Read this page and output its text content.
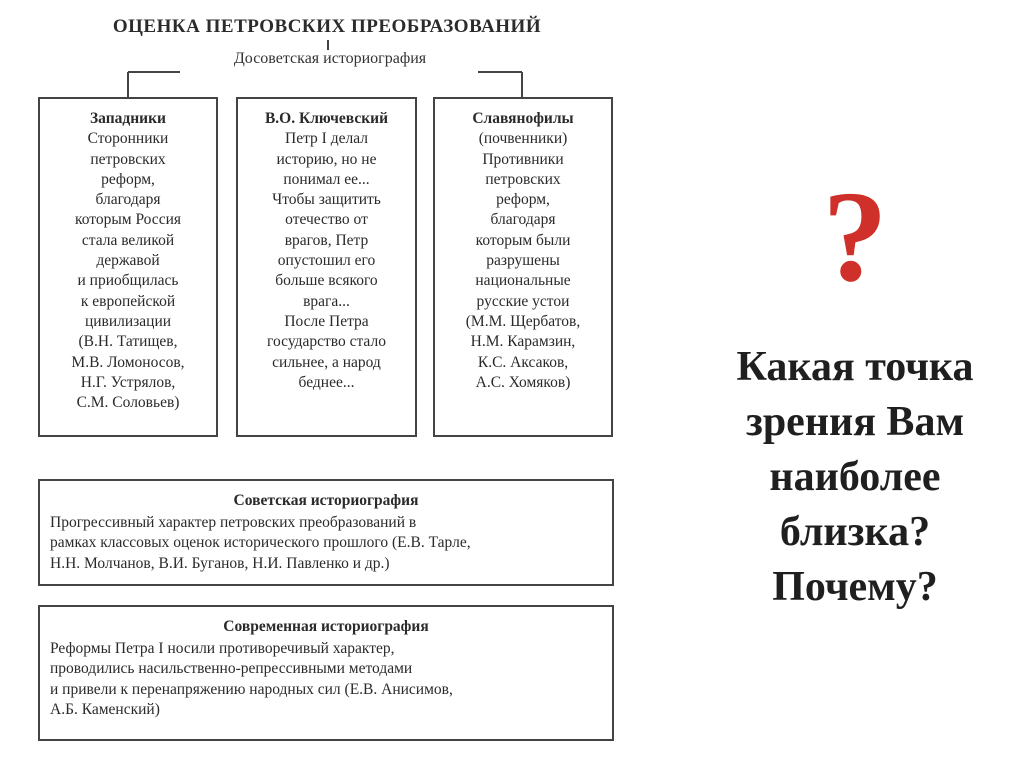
ОЦЕНКА ПЕТРОВСКИХ ПРЕОБРАЗОВАНИЙ
Досоветская историография
Западники
Сторонники
петровских
реформ,
благодаря
которым Россия
стала великой
державой
и приобщилась
к европейской
цивилизации
(В.Н. Татищев,
М.В. Ломоносов,
Н.Г. Устрялов,
С.М. Соловьев)
В.О. Ключевский
Петр I делал
историю, но не
понимал ее...
Чтобы защитить
отечество от
врагов, Петр
опустошил его
больше всякого
врага...
После Петра
государство стало
сильнее, а народ
беднее...
Славянофилы
(почвенники)
Противники
петровских
реформ,
благодаря
которым были
разрушены
национальные
русские устои
(М.М. Щербатов,
Н.М. Карамзин,
К.С. Аксаков,
А.С. Хомяков)
Советская историография
Прогрессивный характер петровских преобразований в
рамках классовых оценок исторического прошлого (Е.В. Тарле,
Н.Н. Молчанов, В.И. Буганов, Н.И. Павленко и др.)
Современная историография
Реформы Петра I носили противоречивый характер,
проводились насильственно-репрессивными методами
и привели к перенапряжению народных сил (Е.В. Анисимов,
А.Б. Каменский)
?
Какая точка
зрения Вам
наиболее
близка?
Почему?
